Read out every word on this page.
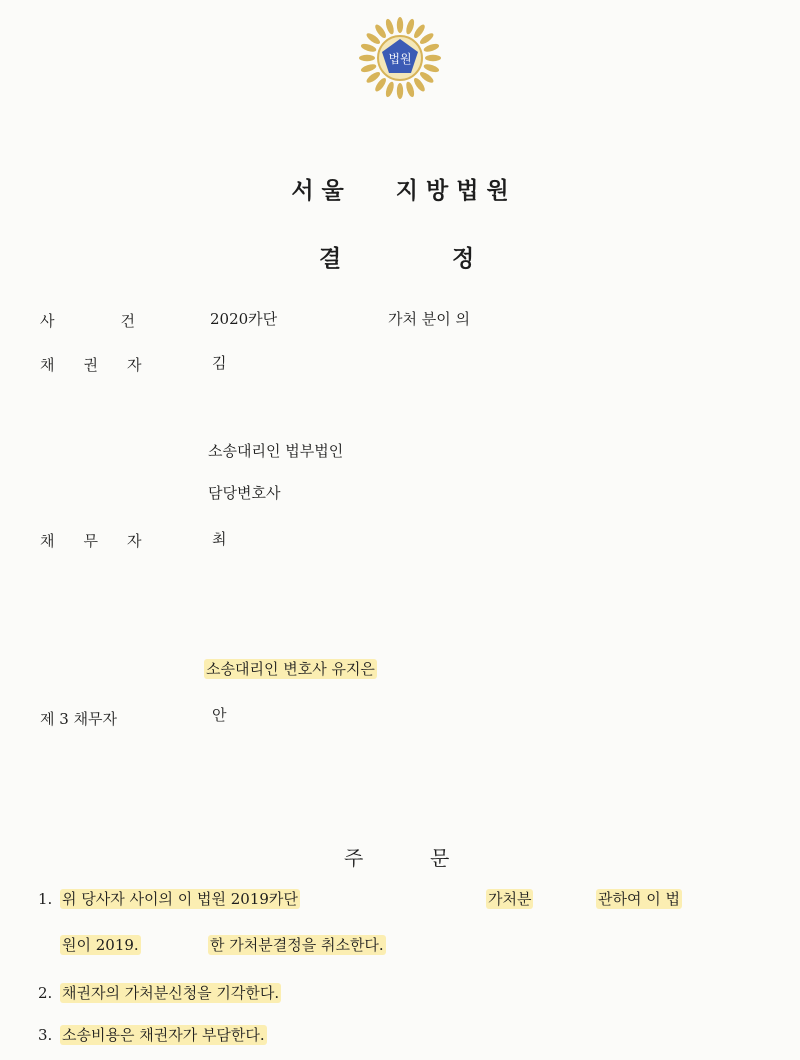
법원
서 울 지 방 법 원
결	정
사	건	2020카단	가처 분이 의
채 권 자	김
소송대리인 법부법인
담당변호사
채 무 자	최
소송대리인 변호사 유지은
제 3 채무자	안
주	문
1. 위 당사자 사이의 이 법원 2019카단	가처분	관하여 이 법
원이 2019.	한 가처분결정을 취소한다.
2. 채권자의 가처분신청을 기각한다.
3. 소송비용은 채권자가 부담한다.
